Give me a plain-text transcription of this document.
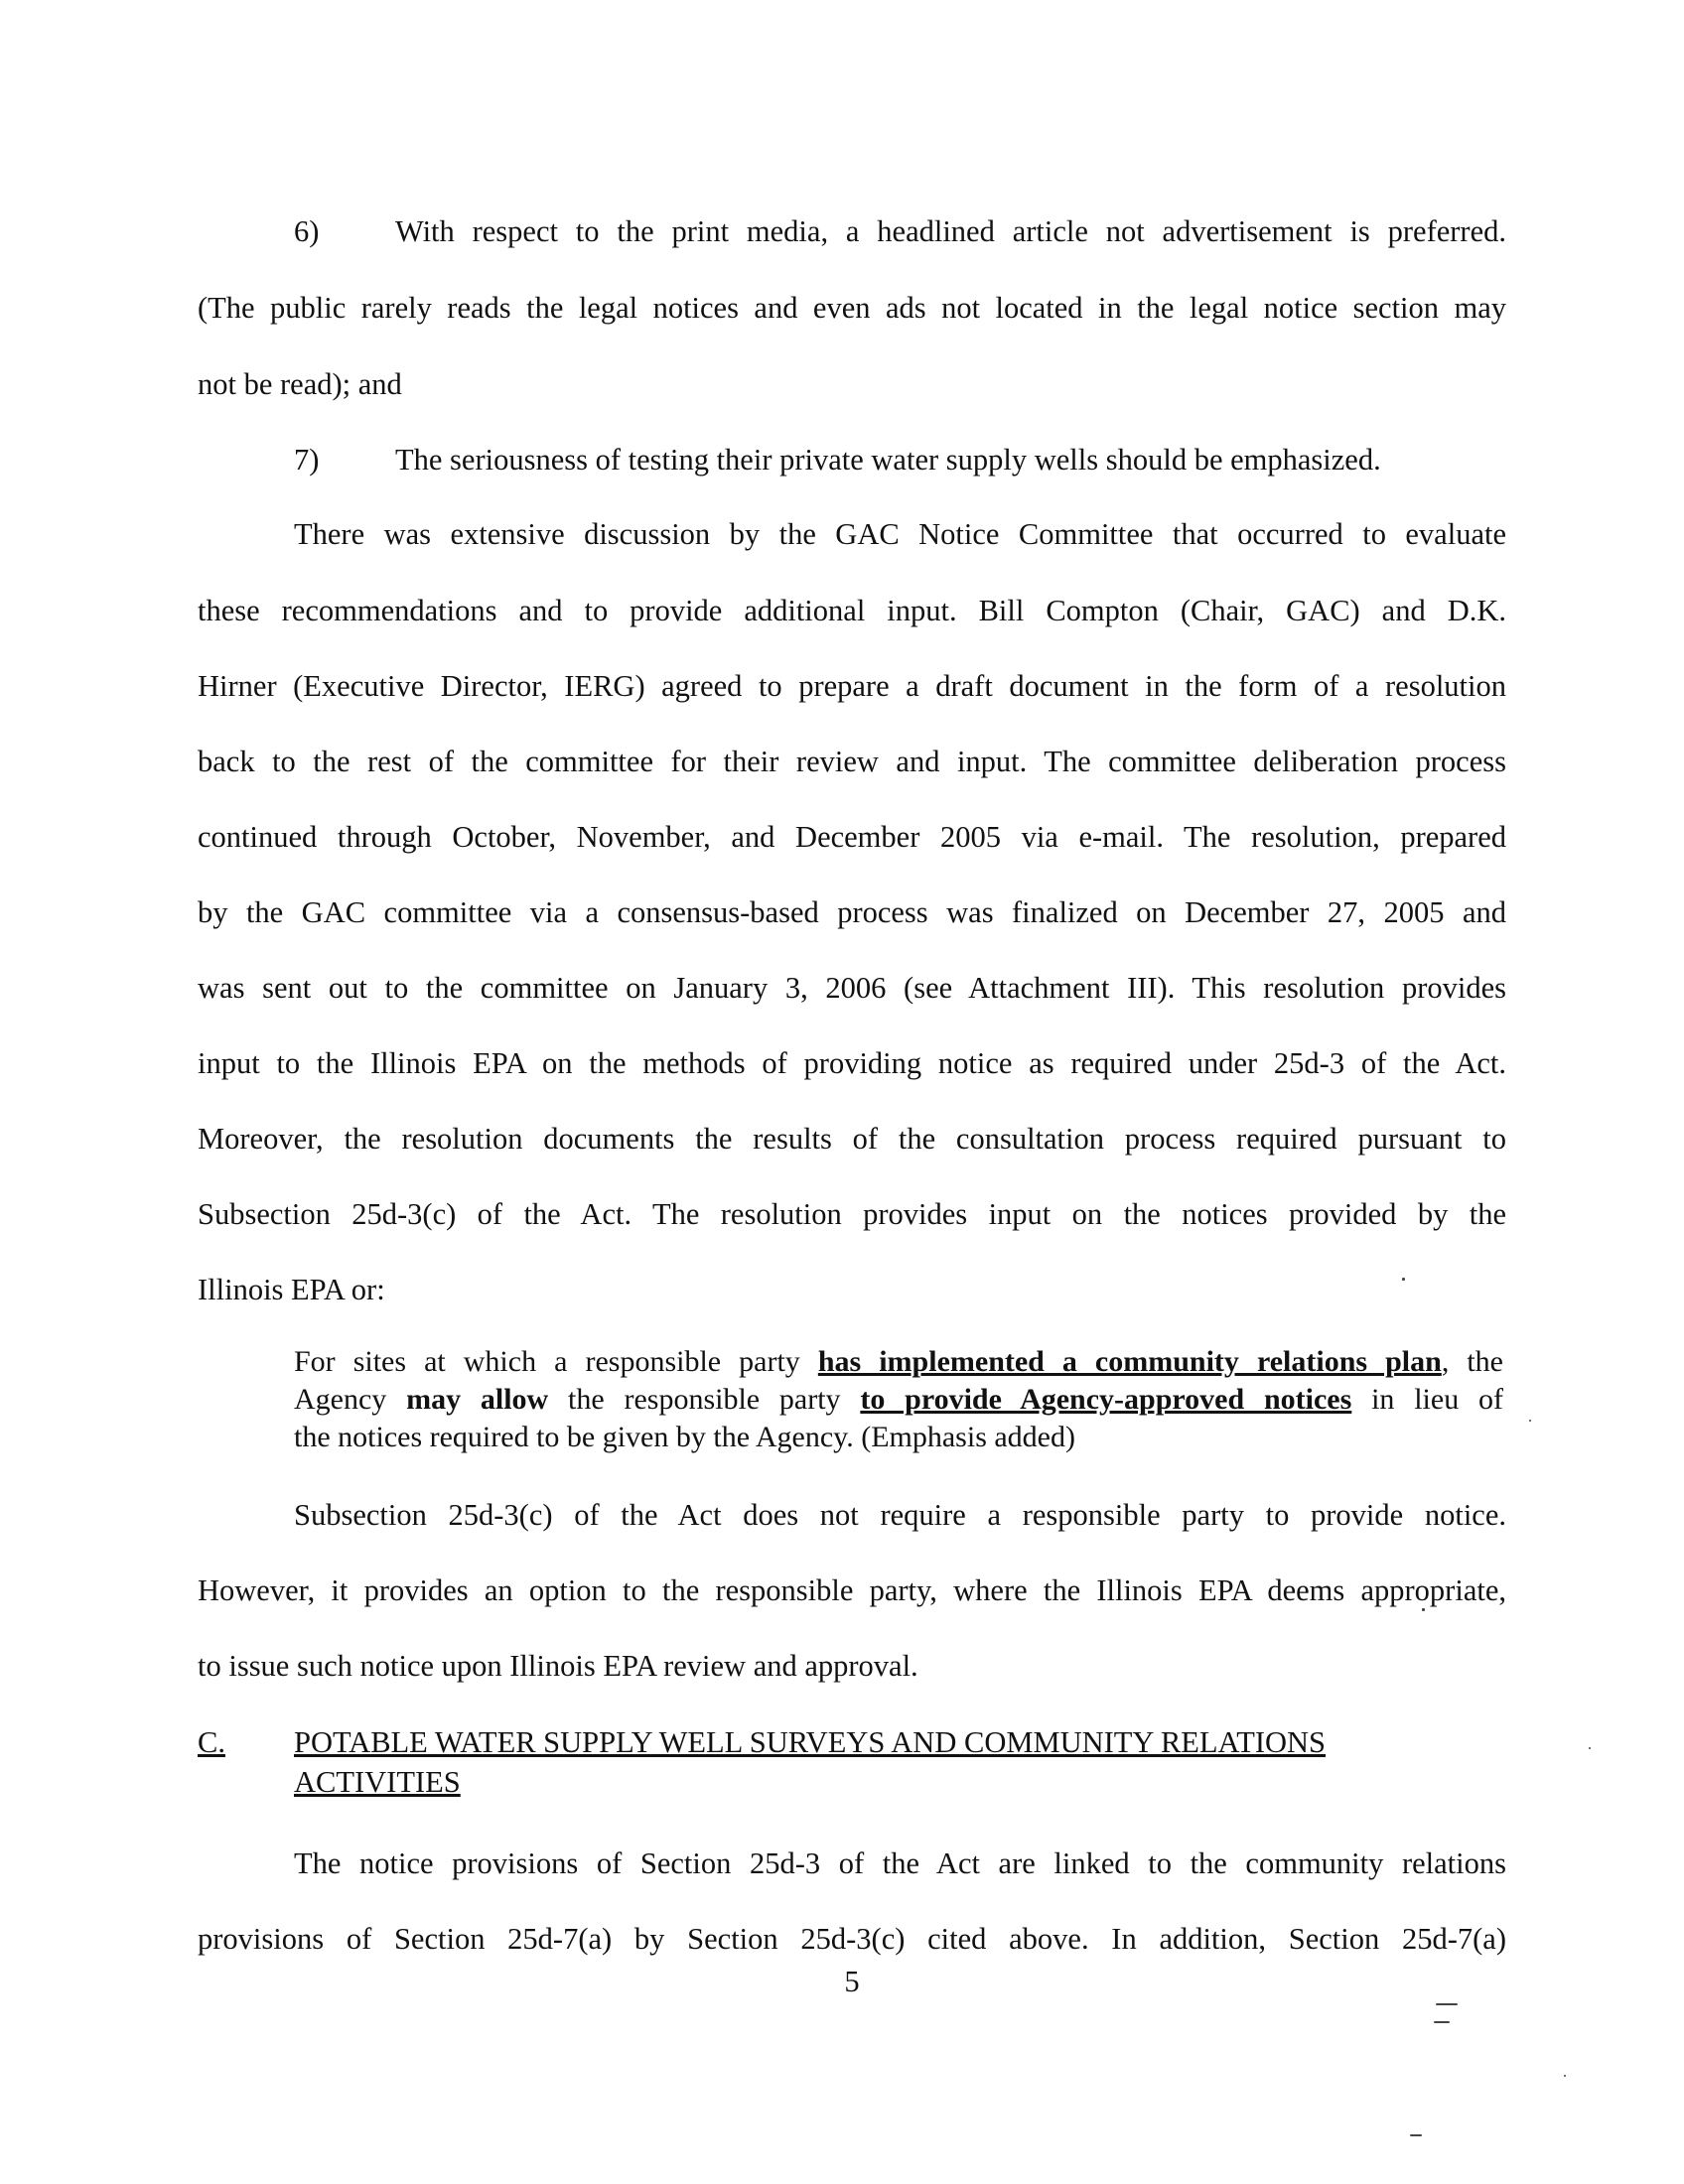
6)	With respect to the print media, a headlined article not advertisement is preferred.
(The public rarely reads the legal notices and even ads not located in the legal notice section may
not be read); and
7)	The seriousness of testing their private water supply wells should be emphasized.
There was extensive discussion by the GAC Notice Committee that occurred to evaluate
these recommendations and to provide additional input. Bill Compton (Chair, GAC) and D.K.
Hirner (Executive Director, IERG) agreed to prepare a draft document in the form of a resolution
back to the rest of the committee for their review and input. The committee deliberation process
continued through October, November, and December 2005 via e-mail. The resolution, prepared
by the GAC committee via a consensus-based process was finalized on December 27, 2005 and
was sent out to the committee on January 3, 2006 (see Attachment III). This resolution provides
input to the Illinois EPA on the methods of providing notice as required under 25d-3 of the Act.
Moreover, the resolution documents the results of the consultation process required pursuant to
Subsection 25d-3(c) of the Act. The resolution provides input on the notices provided by the
Illinois EPA or:
For sites at which a responsible party has implemented a community relations plan, the
Agency may allow the responsible party to provide Agency-approved notices in lieu of
the notices required to be given by the Agency. (Emphasis added)
Subsection 25d-3(c) of the Act does not require a responsible party to provide notice.
However, it provides an option to the responsible party, where the Illinois EPA deems appropriate,
to issue such notice upon Illinois EPA review and approval.
C. POTABLE WATER SUPPLY WELL SURVEYS AND COMMUNITY RELATIONS
ACTIVITIES
The notice provisions of Section 25d-3 of the Act are linked to the community relations
provisions of Section 25d-7(a) by Section 25d-3(c) cited above. In addition, Section 25d-7(a)
5
